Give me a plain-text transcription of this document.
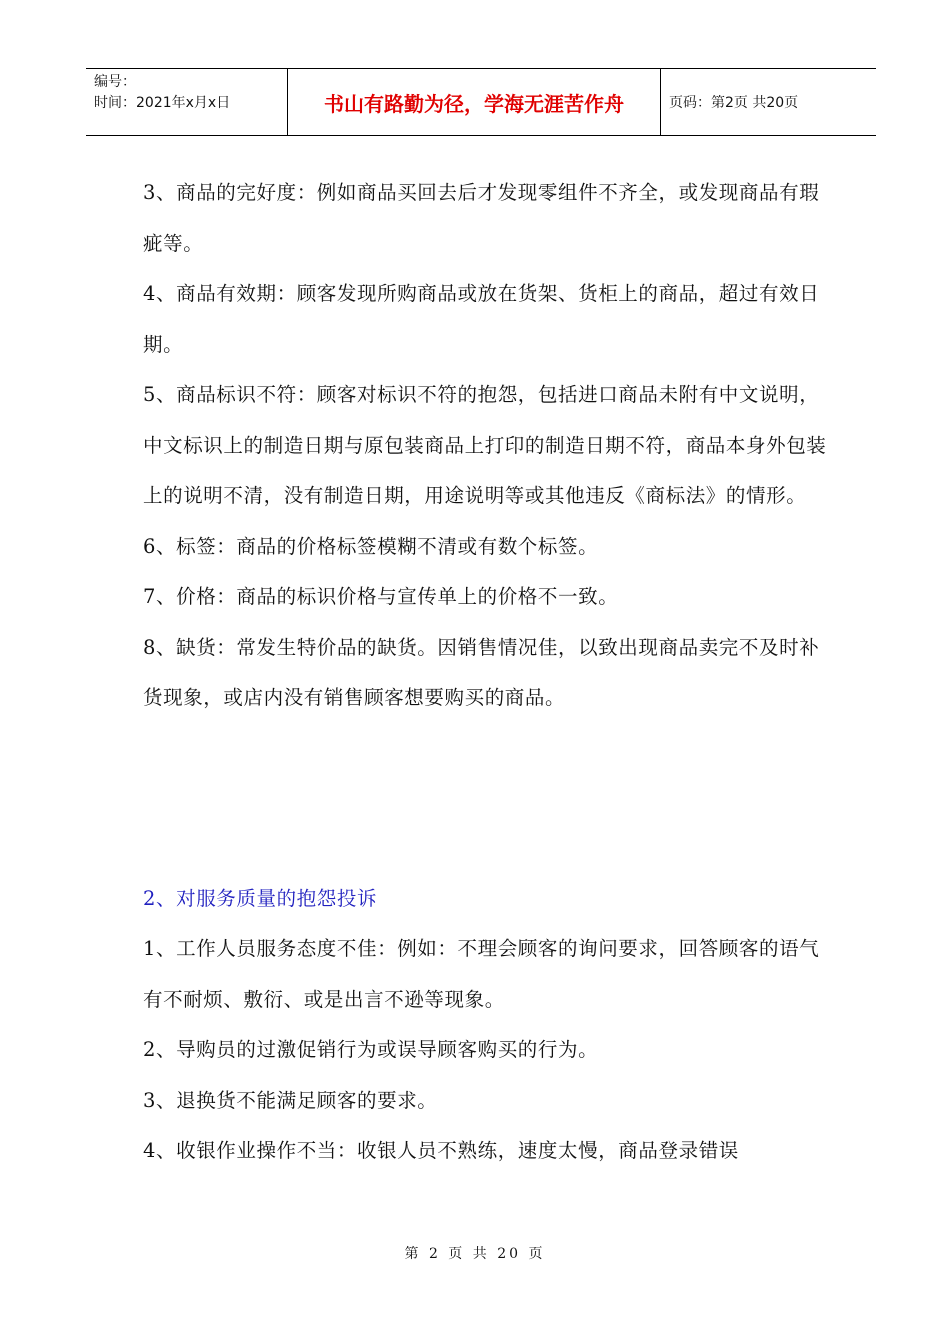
编号：
时间：2021年x月x日	书山有路勤为径，学海无涯苦作舟	页码：第2页 共20页

3、商品的完好度：例如商品买回去后才发现零组件不齐全，或发现商品有瑕疵等。

4、商品有效期：顾客发现所购商品或放在货架、货柜上的商品，超过有效日期。

5、商品标识不符：顾客对标识不符的抱怨，包括进口商品未附有中文说明，中文标识上的制造日期与原包装商品上打印的制造日期不符，商品本身外包装上的说明不清，没有制造日期，用途说明等或其他违反《商标法》的情形。

6、标签：商品的价格标签模糊不清或有数个标签。

7、价格：商品的标识价格与宣传单上的价格不一致。

8、缺货：常发生特价品的缺货。因销售情况佳，以致出现商品卖完不及时补货现象，或店内没有销售顾客想要购买的商品。

2、对服务质量的抱怨投诉

1、工作人员服务态度不佳：例如：不理会顾客的询问要求，回答顾客的语气有不耐烦、敷衍、或是出言不逊等现象。

2、导购员的过激促销行为或误导顾客购买的行为。

3、退换货不能满足顾客的要求。

4、收银作业操作不当：收银人员不熟练，速度太慢，商品登录错误

第 2 页 共 20 页
